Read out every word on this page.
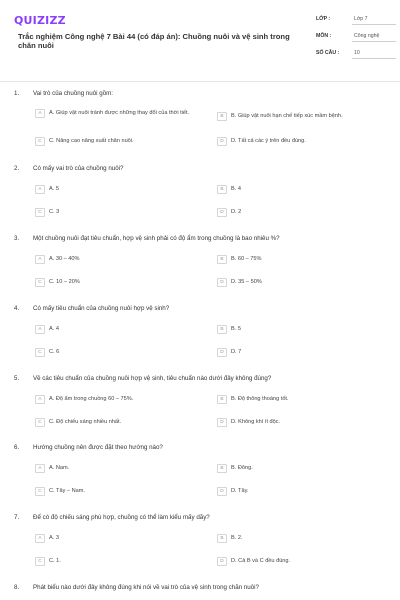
QUIZIZZ
Trắc nghiệm Công nghệ 7 Bài 44 (có đáp án): Chuồng nuôi và vệ sinh trong chăn nuôi
LỚP :	Lớp 7
MÔN :	Công nghệ
SỐ CÂU :	10
1.	Vai trò của chuồng nuôi gồm:
A	A. Giúp vật nuôi tránh được những thay đổi của thời tiết.
B	B. Giúp vật nuôi hạn chế tiếp xúc mầm bệnh.
C	C. Nâng cao năng suất chăn nuôi.	D	D. Tất cả các ý trên đều đúng.
2.	Có mấy vai trò của chuồng nuôi?
A	A. 5	B	B. 4
C	C. 3	D	D. 2
3.	Một chuồng nuôi đạt tiêu chuẩn, hợp vệ sinh phải có độ ẩm trong chuồng là bao nhiêu %?
A	A. 30 – 40%	B	B. 60 – 75%
C	C. 10 – 20%	D	D. 35 – 50%
4.	Có mấy tiêu chuẩn của chuồng nuôi hợp vệ sinh?
A	A. 4	B	B. 5
C	C. 6	D	D. 7
5.	Về các tiêu chuẩn của chuồng nuôi hợp vệ sinh, tiêu chuẩn nào dưới đây không đúng?
A	A. Độ ẩm trong chuồng 60 – 75%.	B	B. Độ thông thoáng tốt.
C	C. Độ chiếu sáng nhiều nhất.	D	D. Không khí ít độc.
6.	Hướng chuồng nên được đặt theo hướng nào?
A	A. Nam.	B	B. Đông.
C	C. Tây – Nam.	D	D. Tây.
7.	Để có độ chiếu sáng phù hợp, chuồng có thể làm kiểu mấy dãy?
A	A. 3	B	B. 2.
C	C. 1.	D	D. Cả B và C đều đúng.
8.	Phát biểu nào dưới đây không đúng khi nói về vai trò của vệ sinh trong chăn nuôi?
